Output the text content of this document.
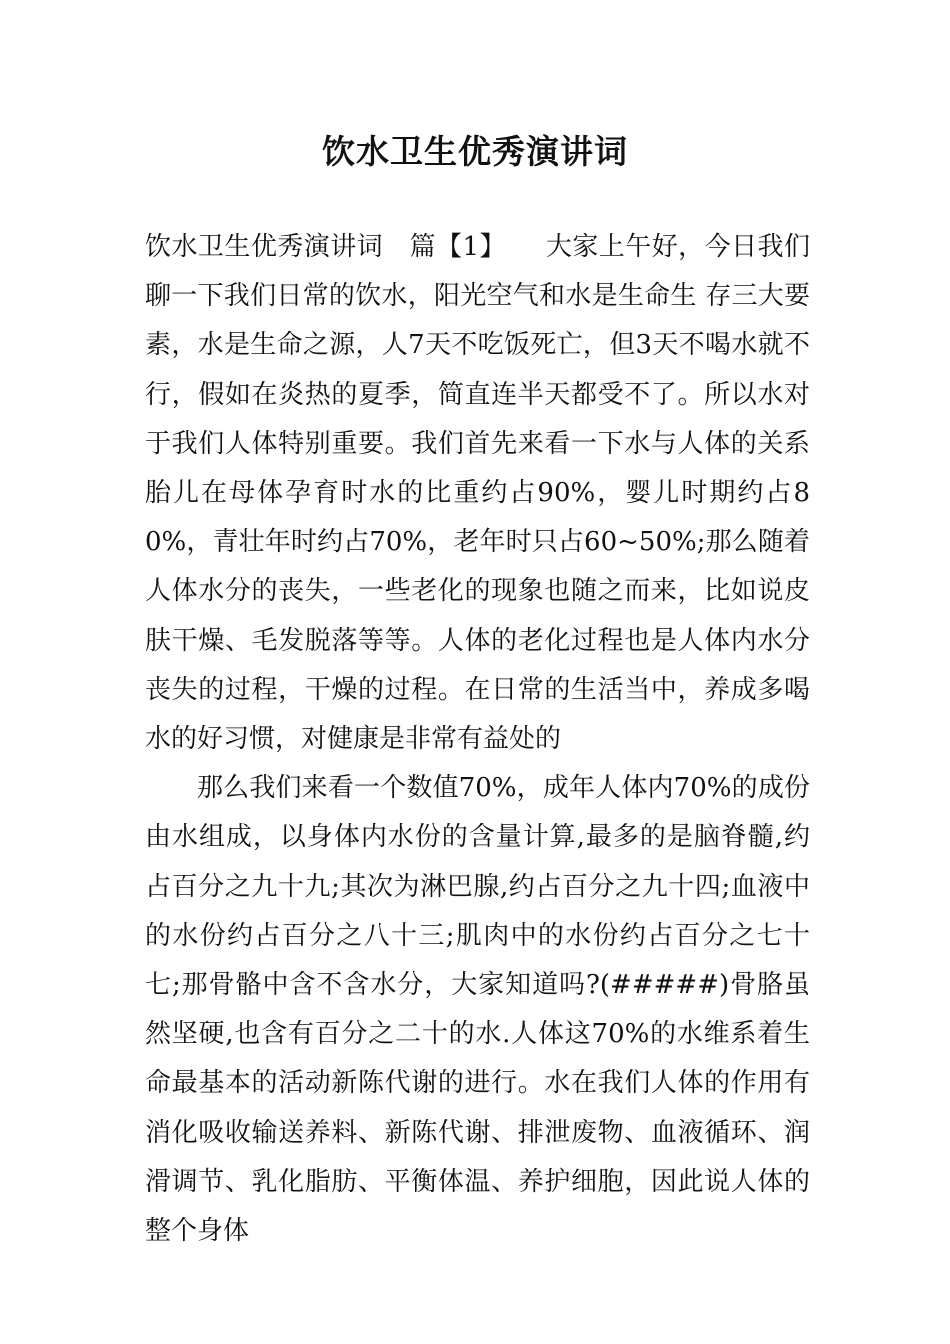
饮水卫生优秀演讲词

饮水卫生优秀演讲词　篇【1】　　大家上午好，今日我们聊一下我们日常的饮水，阳光空气和水是生命生 存三大要素，水是生命之源，人7天不吃饭死亡，但3天不喝水就不行，假如在炎热的夏季，简直连半天都受不了。所以水对于我们人体特别重要。我们首先来看一下水与人体的关系胎儿在母体孕育时水的比重约占90%，婴儿时期约占80%，青壮年时约占70%，老年时只占60~50%;那么随着人体水分的丧失，一些老化的现象也随之而来，比如说皮肤干燥、毛发脱落等等。人体的老化过程也是人体内水分丧失的过程，干燥的过程。在日常的生活当中，养成多喝水的好习惯，对健康是非常有益处的

那么我们来看一个数值70%，成年人体内70%的成份由水组成，以身体内水份的含量计算,最多的是脑脊髓,约占百分之九十九;其次为淋巴腺,约占百分之九十四;血液中的水份约占百分之八十三;肌肉中的水份约占百分之七十七;那骨骼中含不含水分，大家知道吗?(#####)骨胳虽然坚硬,也含有百分之二十的水.人体这70%的水维系着生命最基本的活动新陈代谢的进行。水在我们人体的作用有消化吸收输送养料、新陈代谢、排泄废物、血液循环、润滑调节、乳化脂肪、平衡体温、养护细胞，因此说人体的整个身体
